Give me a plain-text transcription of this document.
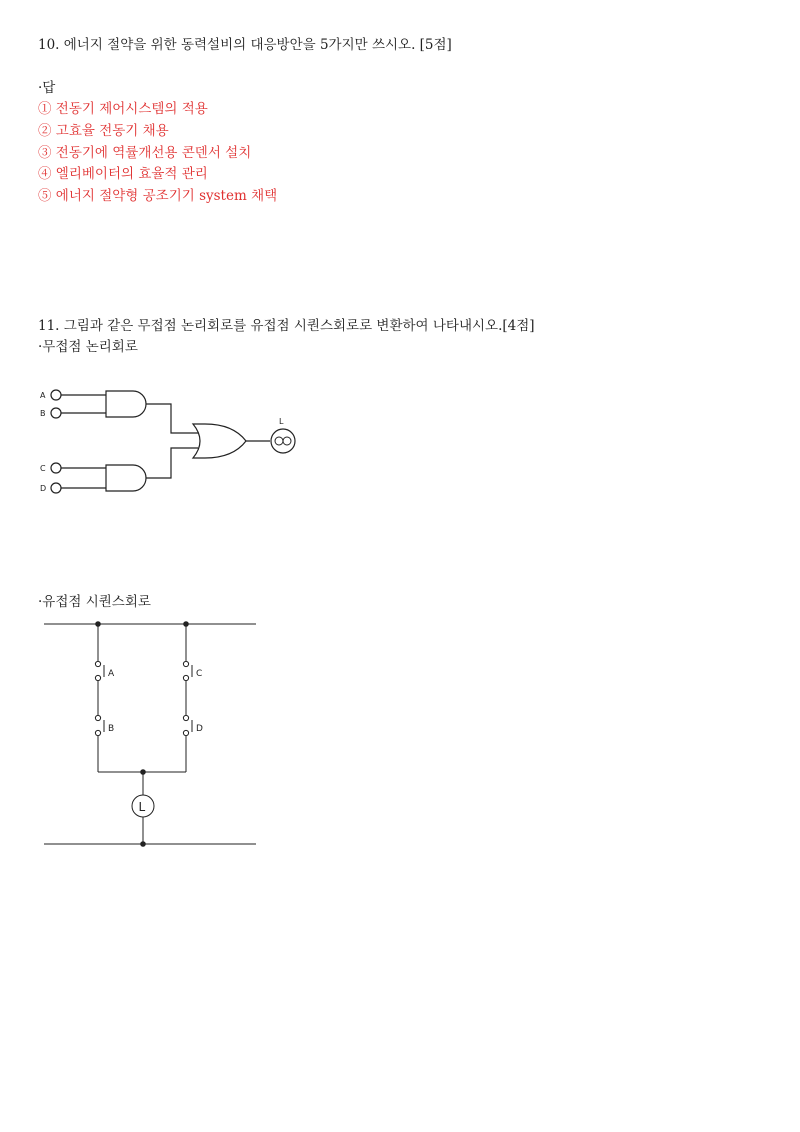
10. 에너지 절약을 위한 동력설비의 대응방안을 5가지만 쓰시오. [5점]
·답
① 전동기 제어시스템의 적용
② 고효율 전동기 채용
③ 전동기에 역률개선용 콘덴서 설치
④ 엘리베이터의 효율적 관리
⑤ 에너지 절약형 공조기기 system 채택
11. 그림과 같은 무접점 논리회로를 유접점 시퀀스회로로 변환하여 나타내시오.[4점]
·무접점 논리회로
A
B
C
D
L
·유접점 시퀀스회로
A
B
C
D
L
